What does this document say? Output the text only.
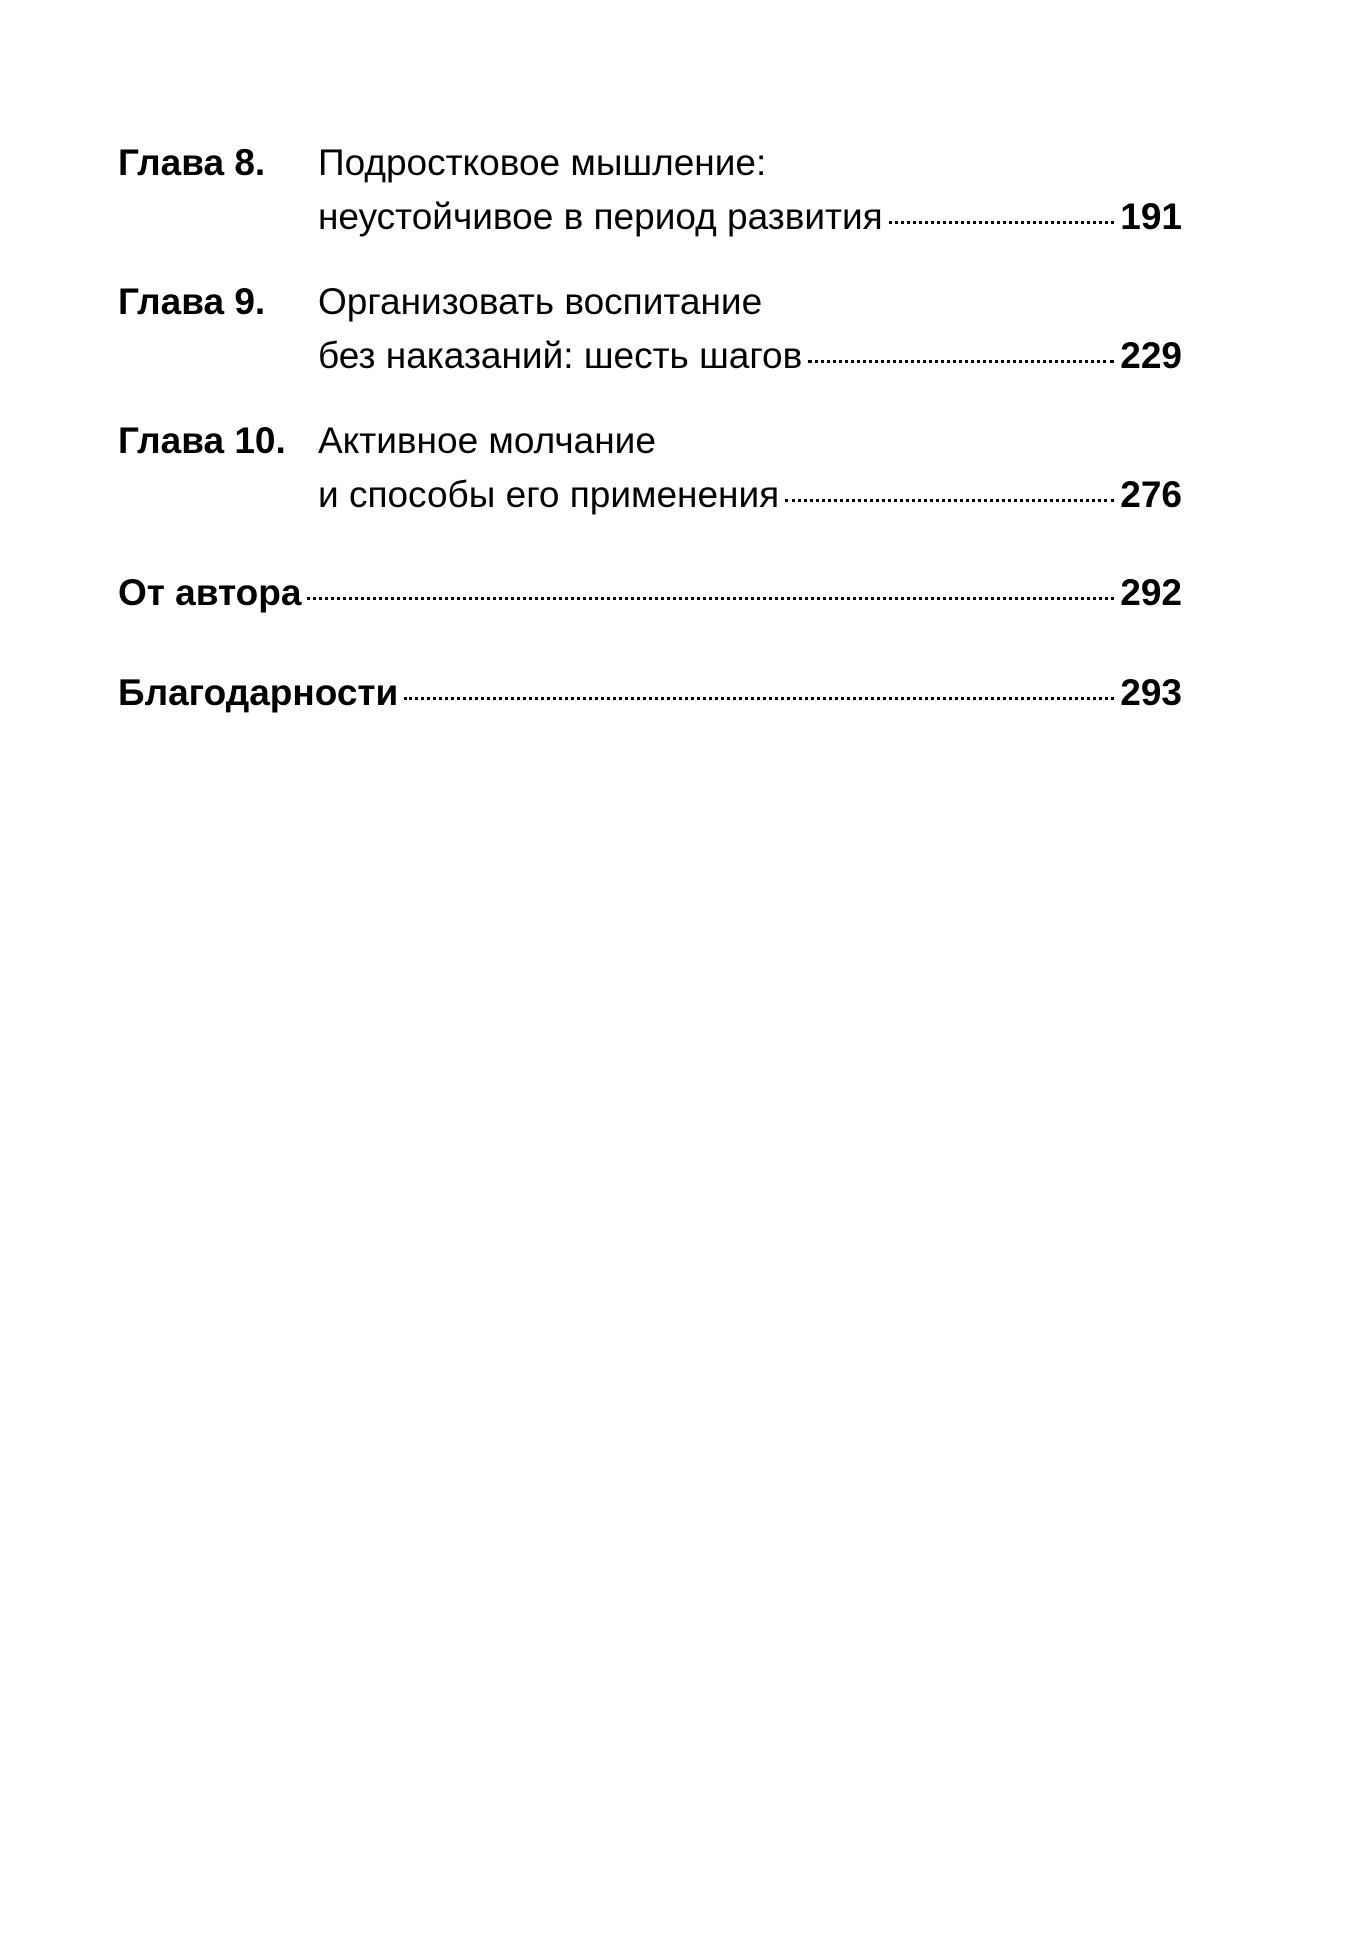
Глава 8.	Подростковое мышление:
неустойчивое в период развития	191
Глава 9.	Организовать воспитание
без наказаний: шесть шагов	229
Глава 10. Активное молчание
и способы его применения	276
От автора	292
Благодарности	293
